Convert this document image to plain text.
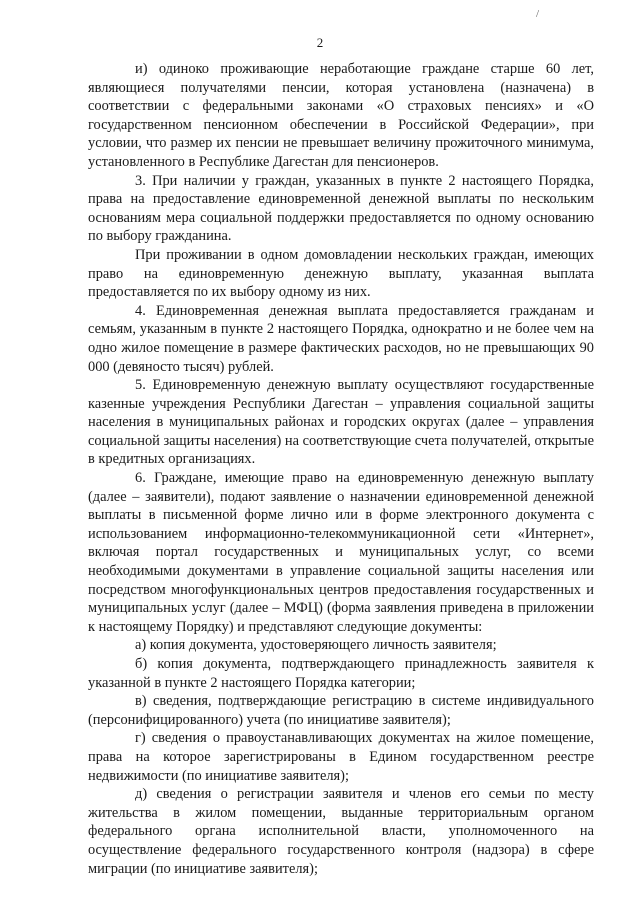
/
2

и) одиноко проживающие неработающие граждане старше 60 лет, являющиеся получателями пенсии, которая установлена (назначена) в соответствии с федеральными законами «О страховых пенсиях» и «О государственном пенсионном обеспечении в Российской Федерации», при условии, что размер их пенсии не превышает величину прожиточного минимума, установленного в Республике Дагестан для пенсионеров.

3. При наличии у граждан, указанных в пункте 2 настоящего Порядка, права на предоставление единовременной денежной выплаты по нескольким основаниям мера социальной поддержки предоставляется по одному основанию по выбору гражданина.

При проживании в одном домовладении нескольких граждан, имеющих право на единовременную денежную выплату, указанная выплата предоставляется по их выбору одному из них.

4. Единовременная денежная выплата предоставляется гражданам и семьям, указанным в пункте 2 настоящего Порядка, однократно и не более чем на одно жилое помещение в размере фактических расходов, но не превышающих 90 000 (девяносто тысяч) рублей.

5. Единовременную денежную выплату осуществляют государственные казенные учреждения Республики Дагестан – управления социальной защиты населения в муниципальных районах и городских округах (далее – управления социальной защиты населения) на соответствующие счета получателей, открытые в кредитных организациях.

6. Граждане, имеющие право на единовременную денежную выплату (далее – заявители), подают заявление о назначении единовременной денежной выплаты в письменной форме лично или в форме электронного документа с использованием информационно-телекоммуникационной сети «Интернет», включая портал государственных и муниципальных услуг, со всеми необходимыми документами в управление социальной защиты населения или посредством многофункциональных центров предоставления государственных и муниципальных услуг (далее – МФЦ) (форма заявления приведена в приложении к настоящему Порядку) и представляют следующие документы:

а) копия документа, удостоверяющего личность заявителя;

б) копия документа, подтверждающего принадлежность заявителя к указанной в пункте 2 настоящего Порядка категории;

в) сведения, подтверждающие регистрацию в системе индивидуального (персонифицированного) учета (по инициативе заявителя);

г) сведения о правоустанавливающих документах на жилое помещение, права на которое зарегистрированы в Едином государственном реестре недвижимости (по инициативе заявителя);

д) сведения о регистрации заявителя и членов его семьи по месту жительства в жилом помещении, выданные территориальным органом федерального органа исполнительной власти, уполномоченного на осуществление федерального государственного контроля (надзора) в сфере миграции (по инициативе заявителя);
